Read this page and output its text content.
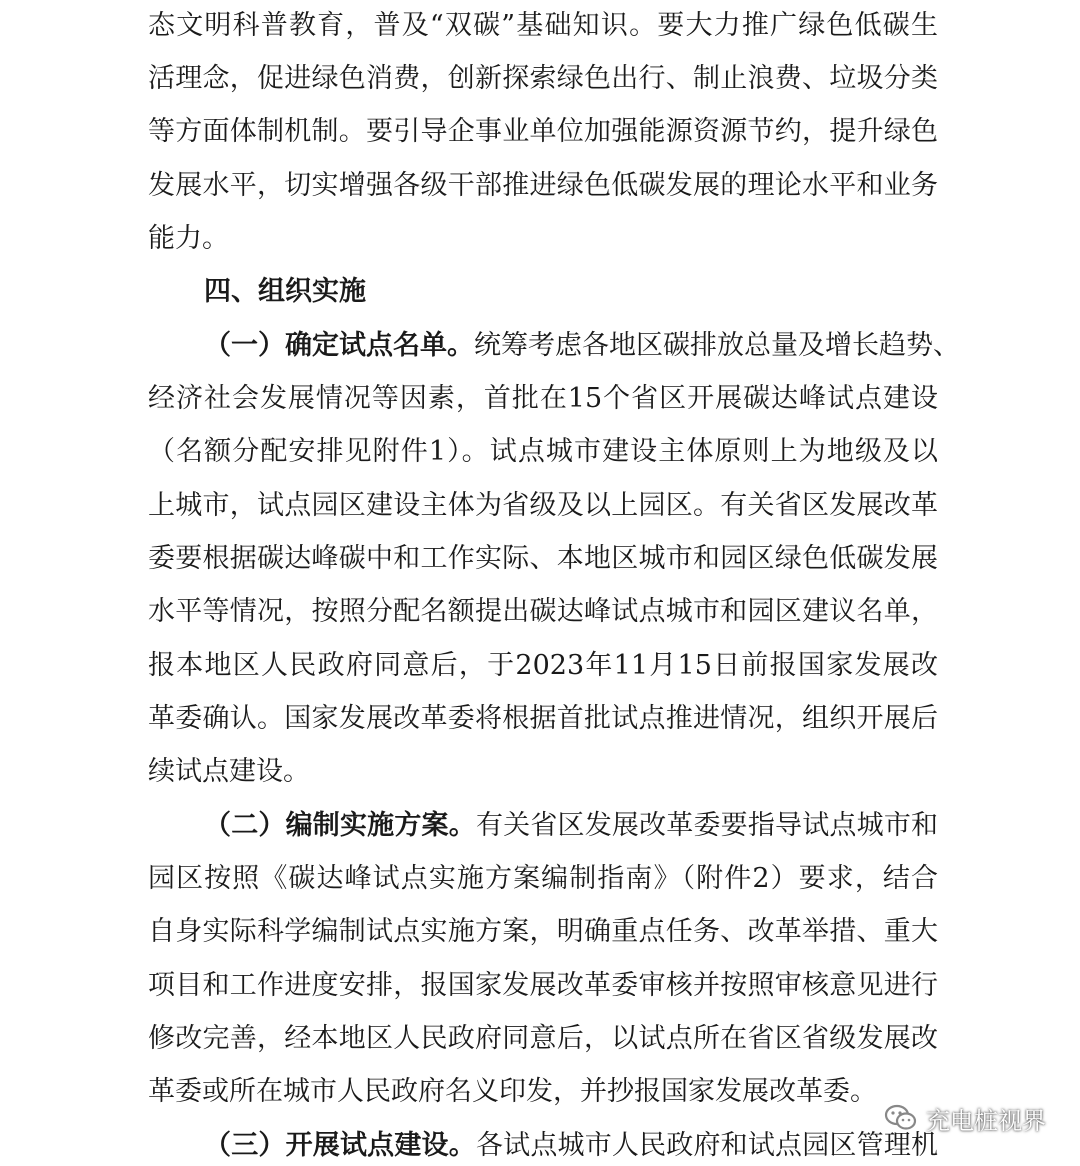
态文明科普教育，普及“双碳”基础知识。要大力推广绿色低碳生
活理念，促进绿色消费，创新探索绿色出行、制止浪费、垃圾分类
等方面体制机制。要引导企事业单位加强能源资源节约，提升绿色
发展水平，切实增强各级干部推进绿色低碳发展的理论水平和业务
能力。
四、组织实施
（一）确定试点名单。统筹考虑各地区碳排放总量及增长趋势、
经济社会发展情况等因素，首批在15个省区开展碳达峰试点建设
（名额分配安排见附件1）。试点城市建设主体原则上为地级及以
上城市，试点园区建设主体为省级及以上园区。有关省区发展改革
委要根据碳达峰碳中和工作实际、本地区城市和园区绿色低碳发展
水平等情况，按照分配名额提出碳达峰试点城市和园区建议名单，
报本地区人民政府同意后，于2023年11月15日前报国家发展改
革委确认。国家发展改革委将根据首批试点推进情况，组织开展后
续试点建设。
（二）编制实施方案。有关省区发展改革委要指导试点城市和
园区按照《碳达峰试点实施方案编制指南》（附件2）要求，结合
自身实际科学编制试点实施方案，明确重点任务、改革举措、重大
项目和工作进度安排，报国家发展改革委审核并按照审核意见进行
修改完善，经本地区人民政府同意后，以试点所在省区省级发展改
革委或所在城市人民政府名义印发，并抄报国家发展改革委。
（三）开展试点建设。各试点城市人民政府和试点园区管理机
充电桩视界
